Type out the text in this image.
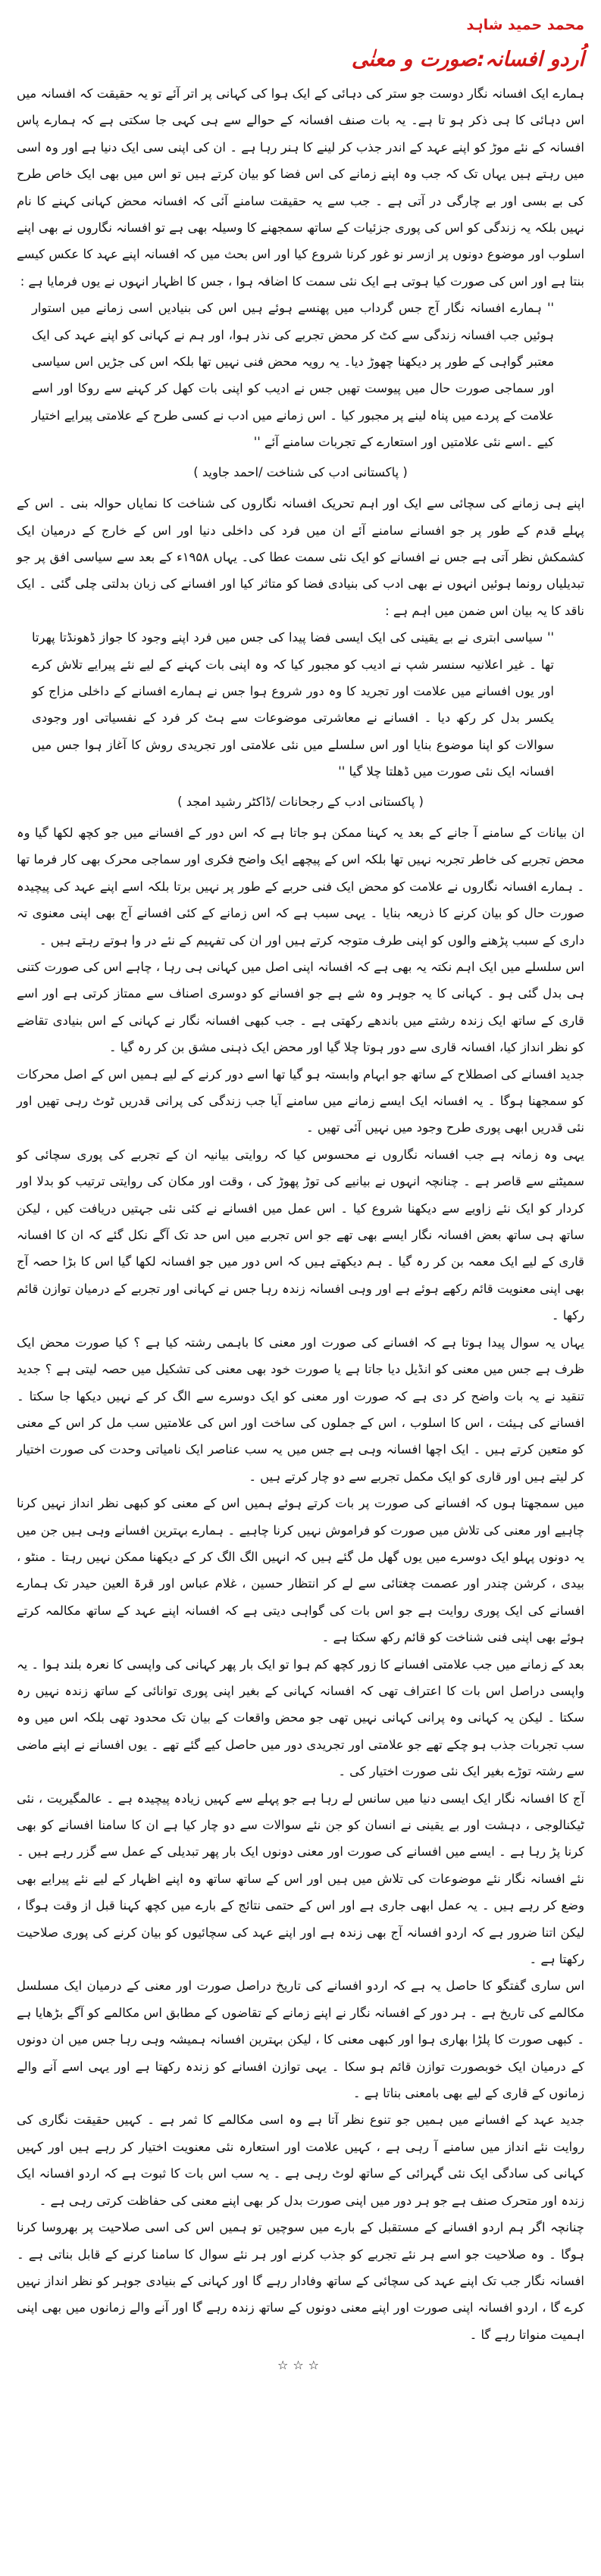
محمد حمید شاہد
اُردو افسانہ:صورت و معنٰی

ہمارے ایک افسانہ نگار دوست جو ستر کی دہائی کے ایک ہوا کی کہانی پر اتر آئے تو یہ حقیقت کہ افسانہ میں اس دہائی کا ہی ذکر ہو تا ہے۔ یہ بات صنف افسانہ کے حوالے سے ہی کہی جا سکتی ہے کہ ہمارے پاس افسانہ کے نئے موڑ کو اپنے عہد کے اندر جذب کر لینے کا ہنر رہا ہے ۔ ان کی اپنی سی ایک دنیا ہے اور وہ اسی میں رہتے ہیں یہاں تک کہ جب وہ اپنے زمانے کی اس فضا کو بیان کرتے ہیں تو اس میں بھی ایک خاص طرح کی بے بسی اور بے چارگی در آتی ہے ۔ جب سے یہ حقیقت سامنے آئی کہ افسانہ محض کہانی کہنے کا نام نہیں بلکہ یہ زندگی کو اس کی پوری جزئیات کے ساتھ سمجھنے کا وسیلہ بھی ہے تو افسانہ نگاروں نے بھی اپنے اسلوب اور موضوع دونوں پر ازسر نو غور کرنا شروع کیا اور اس بحث میں کہ افسانہ اپنے عہد کا عکس کیسے بنتا ہے اور اس کی صورت کیا ہوتی ہے ایک نئی سمت کا اضافہ ہوا ، جس کا اظہار انہوں نے یوں فرمایا ہے :

'' ہمارے افسانہ نگار آج جس گرداب میں پھنسے ہوئے ہیں اس کی بنیادیں اسی زمانے میں استوار ہوئیں جب افسانہ زندگی سے کٹ کر محض تجربے کی نذر ہوا، اور ہم نے کہانی کو اپنے عہد کی ایک معتبر گواہی کے طور پر دیکھنا چھوڑ دیا۔ یہ رویہ محض فنی نہیں تھا بلکہ اس کی جڑیں اس سیاسی اور سماجی صورت حال میں پیوست تھیں جس نے ادیب کو اپنی بات کھل کر کہنے سے روکا اور اسے علامت کے پردے میں پناہ لینے پر مجبور کیا ۔ اس زمانے میں ادب نے کسی طرح کے علامتی پیرایے اختیار کیے ۔اسے نئی علامتیں اور استعارے کے تجربات سامنے آئے ''

( پاکستانی ادب کی شناخت /احمد جاوید )

اپنے ہی زمانے کی سچائی سے ایک اور اہم تحریک افسانہ نگاروں کی شناخت کا نمایاں حوالہ بنی ۔ اس کے پہلے قدم کے طور پر جو افسانے سامنے آئے ان میں فرد کی داخلی دنیا اور اس کے خارج کے درمیان ایک کشمکش نظر آتی ہے جس نے افسانے کو ایک نئی سمت عطا کی۔ یہاں ۱۹۵۸ء کے بعد سے سیاسی افق پر جو تبدیلیاں رونما ہوئیں انہوں نے بھی ادب کی بنیادی فضا کو متاثر کیا اور افسانے کی زبان بدلتی چلی گئی ۔ ایک ناقد کا یہ بیان اس ضمن میں اہم ہے :

'' سیاسی ابتری نے بے یقینی کی ایک ایسی فضا پیدا کی جس میں فرد اپنے وجود کا جواز ڈھونڈتا پھرتا تھا ۔ غیر اعلانیہ سنسر شپ نے ادیب کو مجبور کیا کہ وہ اپنی بات کہنے کے لیے نئے پیرایے تلاش کرے اور یوں افسانے میں علامت اور تجرید کا وہ دور شروع ہوا جس نے ہمارے افسانے کے داخلی مزاج کو یکسر بدل کر رکھ دیا ۔ افسانے نے معاشرتی موضوعات سے ہٹ کر فرد کے نفسیاتی اور وجودی سوالات کو اپنا موضوع بنایا اور اس سلسلے میں نئی علامتی اور تجریدی روش کا آغاز ہوا جس میں افسانہ ایک نئی صورت میں ڈھلتا چلا گیا ''

( پاکستانی ادب کے رجحانات /ڈاکٹر رشید امجد )

ان بیانات کے سامنے آ جانے کے بعد یہ کہنا ممکن ہو جاتا ہے کہ اس دور کے افسانے میں جو کچھ لکھا گیا وہ محض تجربے کی خاطر تجربہ نہیں تھا بلکہ اس کے پیچھے ایک واضح فکری اور سماجی محرک بھی کار فرما تھا ۔ ہمارے افسانہ نگاروں نے علامت کو محض ایک فنی حربے کے طور پر نہیں برتا بلکہ اسے اپنے عہد کی پیچیدہ صورت حال کو بیان کرنے کا ذریعہ بنایا ۔ یہی سبب ہے کہ اس زمانے کے کئی افسانے آج بھی اپنی معنوی تہ داری کے سبب پڑھنے والوں کو اپنی طرف متوجہ کرتے ہیں اور ان کی تفہیم کے نئے در وا ہوتے رہتے ہیں ۔

اس سلسلے میں ایک اہم نکتہ یہ بھی ہے کہ افسانہ اپنی اصل میں کہانی ہی رہا ، چاہے اس کی صورت کتنی ہی بدل گئی ہو ۔ کہانی کا یہ جوہر وہ شے ہے جو افسانے کو دوسری اصناف سے ممتاز کرتی ہے اور اسے قاری کے ساتھ ایک زندہ رشتے میں باندھے رکھتی ہے ۔ جب کبھی افسانہ نگار نے کہانی کے اس بنیادی تقاضے کو نظر انداز کیا، افسانہ قاری سے دور ہوتا چلا گیا اور محض ایک ذہنی مشق بن کر رہ گیا ۔

جدید افسانے کی اصطلاح کے ساتھ جو ابہام وابستہ ہو گیا تھا اسے دور کرنے کے لیے ہمیں اس کے اصل محرکات کو سمجھنا ہوگا ۔ یہ افسانہ ایک ایسے زمانے میں سامنے آیا جب زندگی کی پرانی قدریں ٹوٹ رہی تھیں اور نئی قدریں ابھی پوری طرح وجود میں نہیں آئی تھیں ۔

یہی وہ زمانہ ہے جب افسانہ نگاروں نے محسوس کیا کہ روایتی بیانیہ ان کے تجربے کی پوری سچائی کو سمیٹنے سے قاصر ہے ۔ چنانچہ انہوں نے بیانیے کی توڑ پھوڑ کی ، وقت اور مکان کی روایتی ترتیب کو بدلا اور کردار کو ایک نئے زاویے سے دیکھنا شروع کیا ۔ اس عمل میں افسانے نے کئی نئی جہتیں دریافت کیں ، لیکن ساتھ ہی ساتھ بعض افسانہ نگار ایسے بھی تھے جو اس تجربے میں اس حد تک آگے نکل گئے کہ ان کا افسانہ قاری کے لیے ایک معمہ بن کر رہ گیا ۔ ہم دیکھتے ہیں کہ اس دور میں جو افسانہ لکھا گیا اس کا بڑا حصہ آج بھی اپنی معنویت قائم رکھے ہوئے ہے اور وہی افسانہ زندہ رہا جس نے کہانی اور تجربے کے درمیان توازن قائم رکھا ۔

یہاں یہ سوال پیدا ہوتا ہے کہ افسانے کی صورت اور معنی کا باہمی رشتہ کیا ہے ؟ کیا صورت محض ایک ظرف ہے جس میں معنی کو انڈیل دیا جاتا ہے یا صورت خود بھی معنی کی تشکیل میں حصہ لیتی ہے ؟ جدید تنقید نے یہ بات واضح کر دی ہے کہ صورت اور معنی کو ایک دوسرے سے الگ کر کے نہیں دیکھا جا سکتا ۔ افسانے کی ہیئت ، اس کا اسلوب ، اس کے جملوں کی ساخت اور اس کی علامتیں سب مل کر اس کے معنی کو متعین کرتے ہیں ۔ ایک اچھا افسانہ وہی ہے جس میں یہ سب عناصر ایک نامیاتی وحدت کی صورت اختیار کر لیتے ہیں اور قاری کو ایک مکمل تجربے سے دو چار کرتے ہیں ۔

میں سمجھتا ہوں کہ افسانے کی صورت پر بات کرتے ہوئے ہمیں اس کے معنی کو کبھی نظر انداز نہیں کرنا چاہیے اور معنی کی تلاش میں صورت کو فراموش نہیں کرنا چاہیے ۔ ہمارے بہترین افسانے وہی ہیں جن میں یہ دونوں پہلو ایک دوسرے میں یوں گھل مل گئے ہیں کہ انہیں الگ الگ کر کے دیکھنا ممکن نہیں رہتا ۔ منٹو ، بیدی ، کرشن چندر اور عصمت چغتائی سے لے کر انتظار حسین ، غلام عباس اور قرۃ العین حیدر تک ہمارے افسانے کی ایک پوری روایت ہے جو اس بات کی گواہی دیتی ہے کہ افسانہ اپنے عہد کے ساتھ مکالمہ کرتے ہوئے بھی اپنی فنی شناخت کو قائم رکھ سکتا ہے ۔

بعد کے زمانے میں جب علامتی افسانے کا زور کچھ کم ہوا تو ایک بار پھر کہانی کی واپسی کا نعرہ بلند ہوا ۔ یہ واپسی دراصل اس بات کا اعتراف تھی کہ افسانہ کہانی کے بغیر اپنی پوری توانائی کے ساتھ زندہ نہیں رہ سکتا ۔ لیکن یہ کہانی وہ پرانی کہانی نہیں تھی جو محض واقعات کے بیان تک محدود تھی بلکہ اس میں وہ سب تجربات جذب ہو چکے تھے جو علامتی اور تجریدی دور میں حاصل کیے گئے تھے ۔ یوں افسانے نے اپنے ماضی سے رشتہ توڑے بغیر ایک نئی صورت اختیار کی ۔

آج کا افسانہ نگار ایک ایسی دنیا میں سانس لے رہا ہے جو پہلے سے کہیں زیادہ پیچیدہ ہے ۔ عالمگیریت ، نئی ٹیکنالوجی ، دہشت اور بے یقینی نے انسان کو جن نئے سوالات سے دو چار کیا ہے ان کا سامنا افسانے کو بھی کرنا پڑ رہا ہے ۔ ایسے میں افسانے کی صورت اور معنی دونوں ایک بار پھر تبدیلی کے عمل سے گزر رہے ہیں ۔ نئے افسانہ نگار نئے موضوعات کی تلاش میں ہیں اور اس کے ساتھ ساتھ وہ اپنے اظہار کے لیے نئے پیرایے بھی وضع کر رہے ہیں ۔ یہ عمل ابھی جاری ہے اور اس کے حتمی نتائج کے بارے میں کچھ کہنا قبل از وقت ہوگا ، لیکن اتنا ضرور ہے کہ اردو افسانہ آج بھی زندہ ہے اور اپنے عہد کی سچائیوں کو بیان کرنے کی پوری صلاحیت رکھتا ہے ۔

اس ساری گفتگو کا حاصل یہ ہے کہ اردو افسانے کی تاریخ دراصل صورت اور معنی کے درمیان ایک مسلسل مکالمے کی تاریخ ہے ۔ ہر دور کے افسانہ نگار نے اپنے زمانے کے تقاضوں کے مطابق اس مکالمے کو آگے بڑھایا ہے ۔ کبھی صورت کا پلڑا بھاری ہوا اور کبھی معنی کا ، لیکن بہترین افسانہ ہمیشہ وہی رہا جس میں ان دونوں کے درمیان ایک خوبصورت توازن قائم ہو سکا ۔ یہی توازن افسانے کو زندہ رکھتا ہے اور یہی اسے آنے والے زمانوں کے قاری کے لیے بھی بامعنی بناتا ہے ۔

جدید عہد کے افسانے میں ہمیں جو تنوع نظر آتا ہے وہ اسی مکالمے کا ثمر ہے ۔ کہیں حقیقت نگاری کی روایت نئے انداز میں سامنے آ رہی ہے ، کہیں علامت اور استعارہ نئی معنویت اختیار کر رہے ہیں اور کہیں کہانی کی سادگی ایک نئی گہرائی کے ساتھ لوٹ رہی ہے ۔ یہ سب اس بات کا ثبوت ہے کہ اردو افسانہ ایک زندہ اور متحرک صنف ہے جو ہر دور میں اپنی صورت بدل کر بھی اپنے معنی کی حفاظت کرتی رہی ہے ۔

چنانچہ اگر ہم اردو افسانے کے مستقبل کے بارے میں سوچیں تو ہمیں اس کی اسی صلاحیت پر بھروسا کرنا ہوگا ۔ وہ صلاحیت جو اسے ہر نئے تجربے کو جذب کرنے اور ہر نئے سوال کا سامنا کرنے کے قابل بناتی ہے ۔ افسانہ نگار جب تک اپنے عہد کی سچائی کے ساتھ وفادار رہے گا اور کہانی کے بنیادی جوہر کو نظر انداز نہیں کرے گا ، اردو افسانہ اپنی صورت اور اپنے معنی دونوں کے ساتھ زندہ رہے گا اور آنے والے زمانوں میں بھی اپنی اہمیت منواتا رہے گا ۔

☆☆☆
